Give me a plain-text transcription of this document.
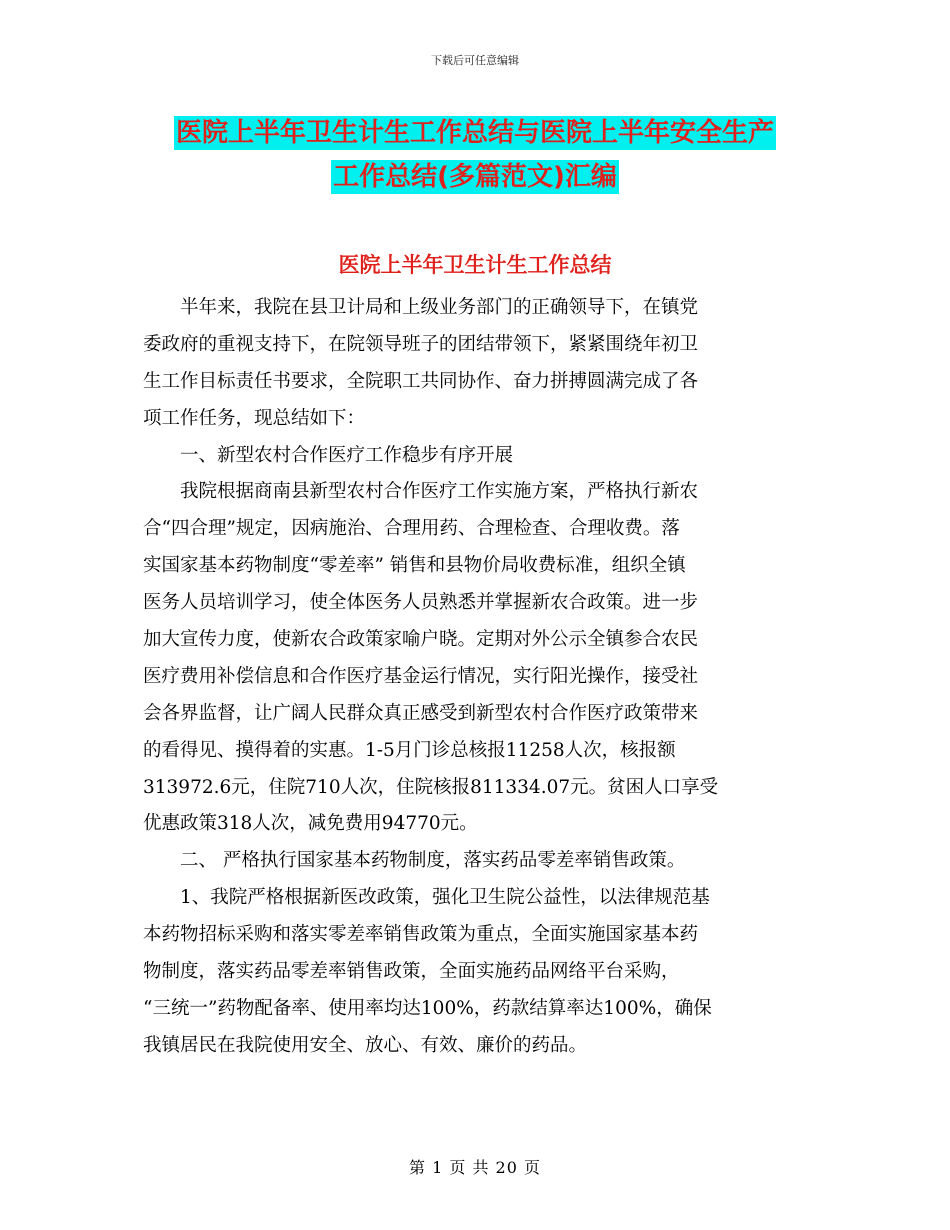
下载后可任意编辑
医院上半年卫生计生工作总结与医院上半年安全生产
工作总结(多篇范文)汇编
医院上半年卫生计生工作总结
　　半年来，我院在县卫计局和上级业务部门的正确领导下，在镇党
委政府的重视支持下，在院领导班子的团结带领下，紧紧围绕年初卫
生工作目标责任书要求，全院职工共同协作、奋力拼搏圆满完成了各
项工作任务，现总结如下：
　　一、新型农村合作医疗工作稳步有序开展
　　我院根据商南县新型农村合作医疗工作实施方案，严格执行新农
合“四合理”规定，因病施治、合理用药、合理检查、合理收费。落
实国家基本药物制度“零差率” 销售和县物价局收费标准，组织全镇
医务人员培训学习，使全体医务人员熟悉并掌握新农合政策。进一步
加大宣传力度，使新农合政策家喻户晓。定期对外公示全镇参合农民
医疗费用补偿信息和合作医疗基金运行情况，实行阳光操作，接受社
会各界监督，让广阔人民群众真正感受到新型农村合作医疗政策带来
的看得见、摸得着的实惠。1-5月门诊总核报11258人次，核报额
313972.6元，住院710人次，住院核报811334.07元。贫困人口享受
优惠政策318人次，减免费用94770元。
　　二、 严格执行国家基本药物制度，落实药品零差率销售政策。
　　1、我院严格根据新医改政策，强化卫生院公益性，以法律规范基
本药物招标采购和落实零差率销售政策为重点，全面实施国家基本药
物制度，落实药品零差率销售政策，全面实施药品网络平台采购，
“三统一”药物配备率、使用率均达100%，药款结算率达100%，确保
我镇居民在我院使用安全、放心、有效、廉价的药品。
第 1 页 共 20 页
